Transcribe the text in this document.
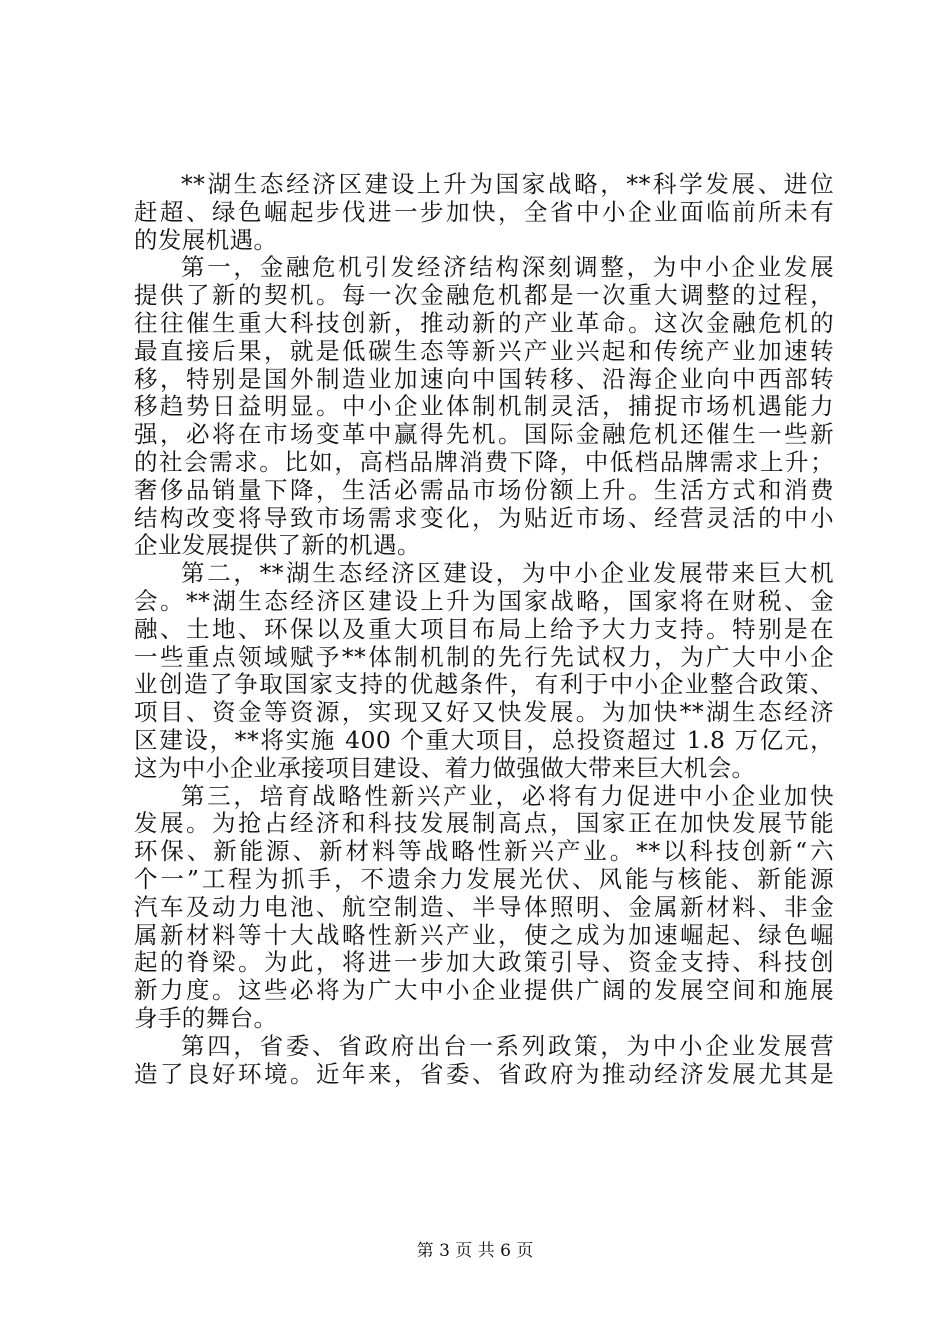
**湖生态经济区建设上升为国家战略，**科学发展、进位
赶超、绿色崛起步伐进一步加快，全省中小企业面临前所未有
的发展机遇。
第一，金融危机引发经济结构深刻调整，为中小企业发展
提供了新的契机。每一次金融危机都是一次重大调整的过程，
往往催生重大科技创新，推动新的产业革命。这次金融危机的
最直接后果，就是低碳生态等新兴产业兴起和传统产业加速转
移，特别是国外制造业加速向中国转移、沿海企业向中西部转
移趋势日益明显。中小企业体制机制灵活，捕捉市场机遇能力
强，必将在市场变革中赢得先机。国际金融危机还催生一些新
的社会需求。比如，高档品牌消费下降，中低档品牌需求上升；
奢侈品销量下降，生活必需品市场份额上升。生活方式和消费
结构改变将导致市场需求变化，为贴近市场、经营灵活的中小
企业发展提供了新的机遇。
第二，**湖生态经济区建设，为中小企业发展带来巨大机
会。**湖生态经济区建设上升为国家战略，国家将在财税、金
融、土地、环保以及重大项目布局上给予大力支持。特别是在
一些重点领域赋予**体制机制的先行先试权力，为广大中小企
业创造了争取国家支持的优越条件，有利于中小企业整合政策、
项目、资金等资源，实现又好又快发展。为加快**湖生态经济
区建设，**将实施 400 个重大项目，总投资超过 1.8 万亿元，
这为中小企业承接项目建设、着力做强做大带来巨大机会。
第三，培育战略性新兴产业，必将有力促进中小企业加快
发展。为抢占经济和科技发展制高点，国家正在加快发展节能
环保、新能源、新材料等战略性新兴产业。**以科技创新“六
个一”工程为抓手，不遗余力发展光伏、风能与核能、新能源
汽车及动力电池、航空制造、半导体照明、金属新材料、非金
属新材料等十大战略性新兴产业，使之成为加速崛起、绿色崛
起的脊梁。为此，将进一步加大政策引导、资金支持、科技创
新力度。这些必将为广大中小企业提供广阔的发展空间和施展
身手的舞台。
第四，省委、省政府出台一系列政策，为中小企业发展营
造了良好环境。近年来，省委、省政府为推动经济发展尤其是
第 3 页 共 6 页
